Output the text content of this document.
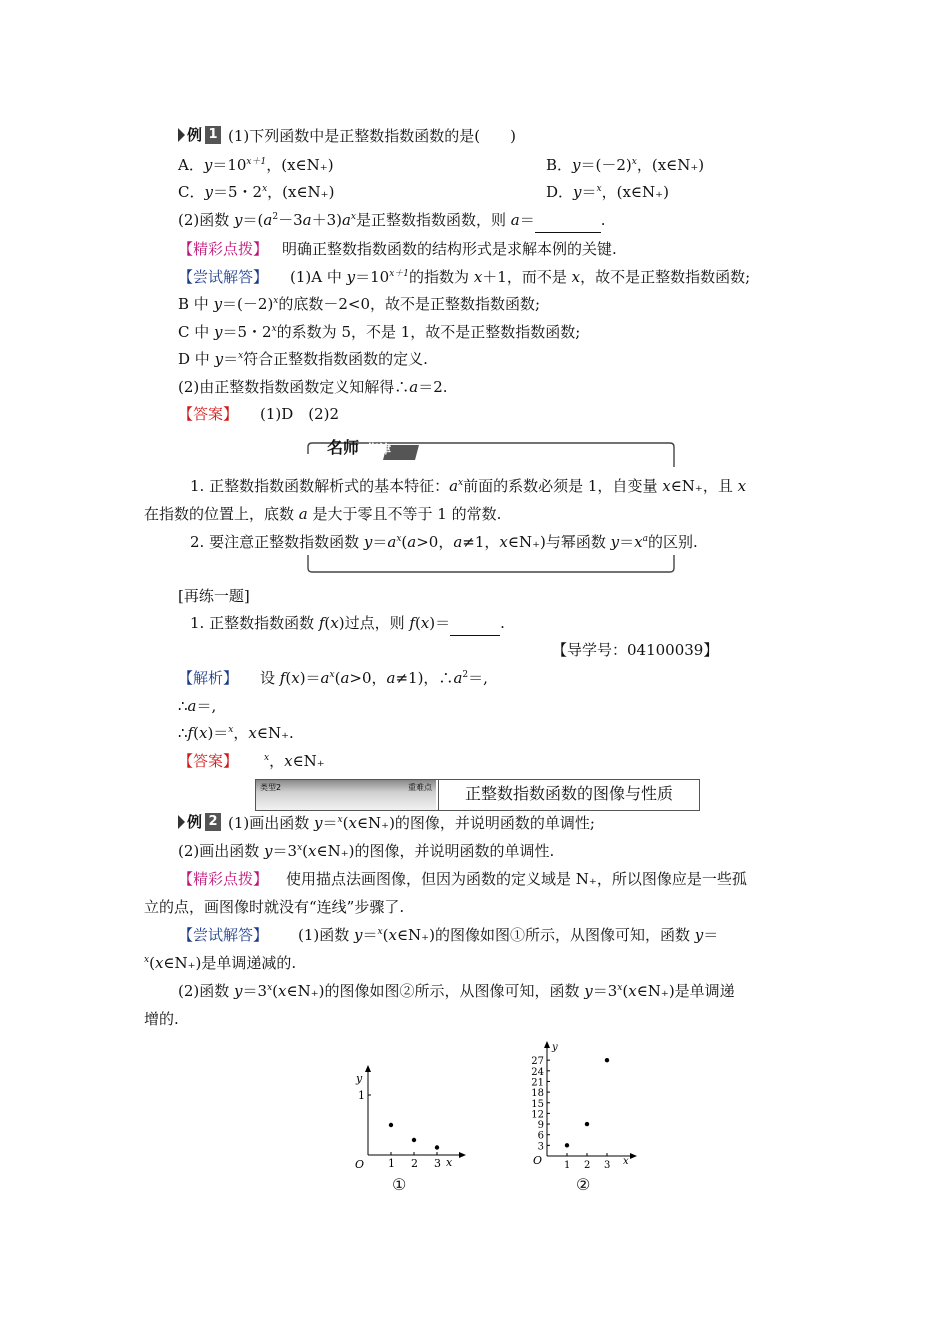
例 1 (1)下列函数中是正整数指数函数的是(　　)
A．$y=10^{x+1}$，(x∈N₊)	B．$y=(-2)^x$，(x∈N₊)
C．y＝5・2$^x$，(x∈N₊)	D．y＝$^x$，(x∈N₊)
(2)函数 $y=(a^2-3a+3)a^x$是正整数指数函数，则 a＝	.
【精彩点拨】 明确正整数指数函数的结构形式是求解本例的关键.
【尝试解答】 (1)A 中 $y=10^{x+1}$的指数为 x＋1，而不是 x，故不是正整数指数函数;
B 中 $y=(-2)^x$的底数－2<0，故不是正整数指数函数;
C 中 y＝5・2$^x$的系数为 5，不是 1，故不是正整数指数函数;
D 中 y＝$^x$符合正整数指数函数的定义.
(2)由正整数指数函数定义知解得∴a＝2.
【答案】 (1)D　(2)2
名师 指津
1. 正整数指数函数解析式的基本特征：$a^x$前面的系数必须是 1，自变量 x∈N₊，且 x
在指数的位置上，底数 a 是大于零且不等于 1 的常数.
2. 要注意正整数指数函数 $y=a^x(a>0$，a≠1，x∈N₊)与幂函数 $y=x^a$的区别.
[再练一题]
1. 正整数指数函数 f(x)过点，则 f(x)＝	.
【导学号：04100039】
【解析】 设 $f(x)=a^x(a>0$，a≠1)，$\therefore a^2=$,
∴a＝,
∴f(x)＝$^x$，x∈N₊.
【答案】	$^x$，x∈N₊
类型2	重难点	正整数指数函数的图像与性质
例 2 (1)画出函数 y＝$^x$(x∈N₊)的图像，并说明函数的单调性;
(2)画出函数 $y=3^x(x\in N_+)$的图像，并说明函数的单调性.
【精彩点拨】 使用描点法画图像，但因为函数的定义域是 N₊，所以图像应是一些孤
立的点，画图像时就没有“连线”步骤了.
【尝试解答】 (1)函数 y＝$^x$(x∈N₊)的图像如图①所示，从图像可知，函数 y＝
$^x$(x∈N₊)是单调递减的.
(2)函数 $y=3^x(x\in N_+)$的图像如图②所示，从图像可知，函数 $y=3^x(x\in N_+)$是单调递
增的.
y
x
O 1 2 3
1
①
y
x
O 1 2 3
3
6
9
12
15
18
21
24
27
②
